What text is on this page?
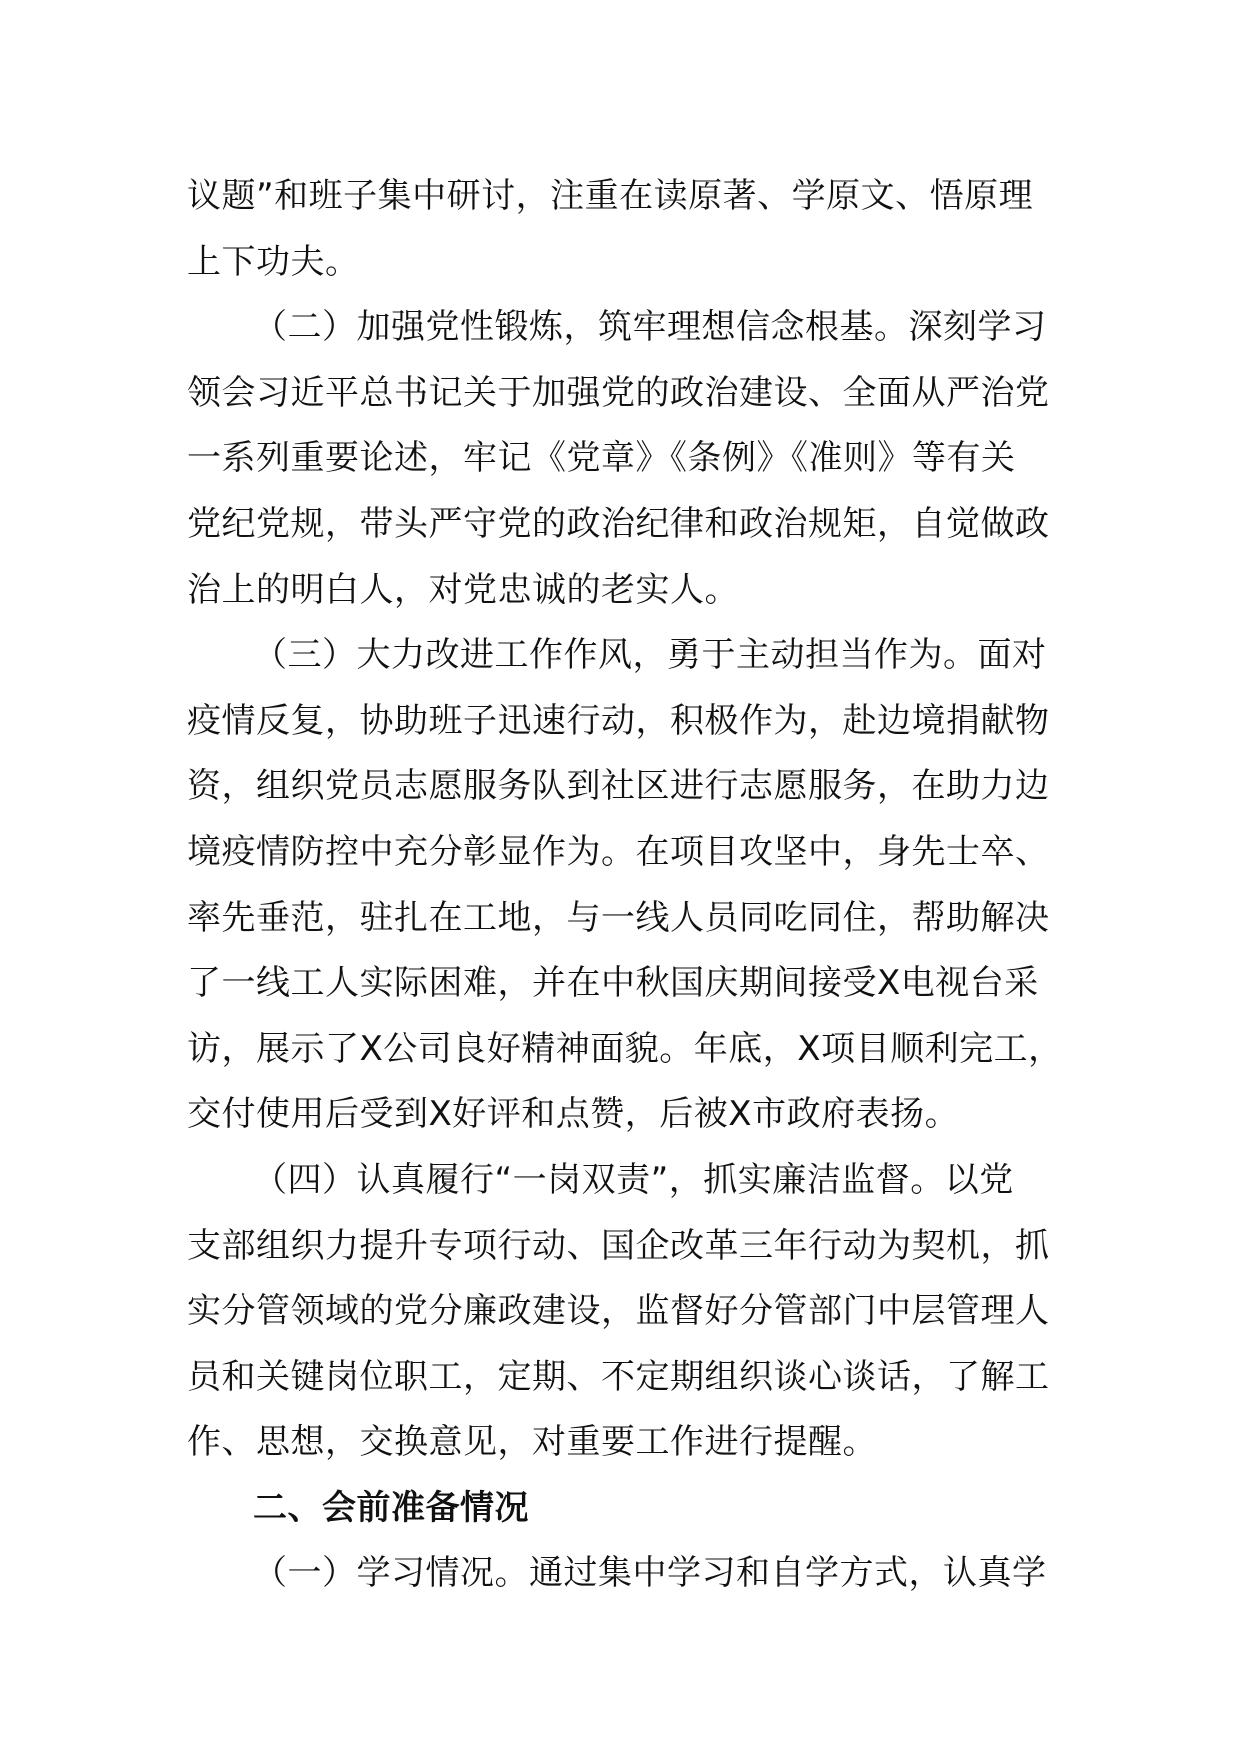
议题”和班子集中研讨，注重在读原著、学原文、悟原理
上下功夫。
（二）加强党性锻炼，筑牢理想信念根基。深刻学习
领会习近平总书记关于加强党的政治建设、全面从严治党
一系列重要论述，牢记《党章》《条例》《准则》等有关
党纪党规，带头严守党的政治纪律和政治规矩，自觉做政
治上的明白人，对党忠诚的老实人。
（三）大力改进工作作风，勇于主动担当作为。面对
疫情反复，协助班子迅速行动，积极作为，赴边境捐献物
资，组织党员志愿服务队到社区进行志愿服务，在助力边
境疫情防控中充分彰显作为。在项目攻坚中，身先士卒、
率先垂范，驻扎在工地，与一线人员同吃同住，帮助解决
了一线工人实际困难，并在中秋国庆期间接受X电视台采
访，展示了X公司良好精神面貌。年底，X项目顺利完工，
交付使用后受到X好评和点赞，后被X市政府表扬。
（四）认真履行“一岗双责”，抓实廉洁监督。以党
支部组织力提升专项行动、国企改革三年行动为契机，抓
实分管领域的党分廉政建设，监督好分管部门中层管理人
员和关键岗位职工，定期、不定期组织谈心谈话，了解工
作、思想，交换意见，对重要工作进行提醒。
二、会前准备情况
（一）学习情况。通过集中学习和自学方式，认真学
